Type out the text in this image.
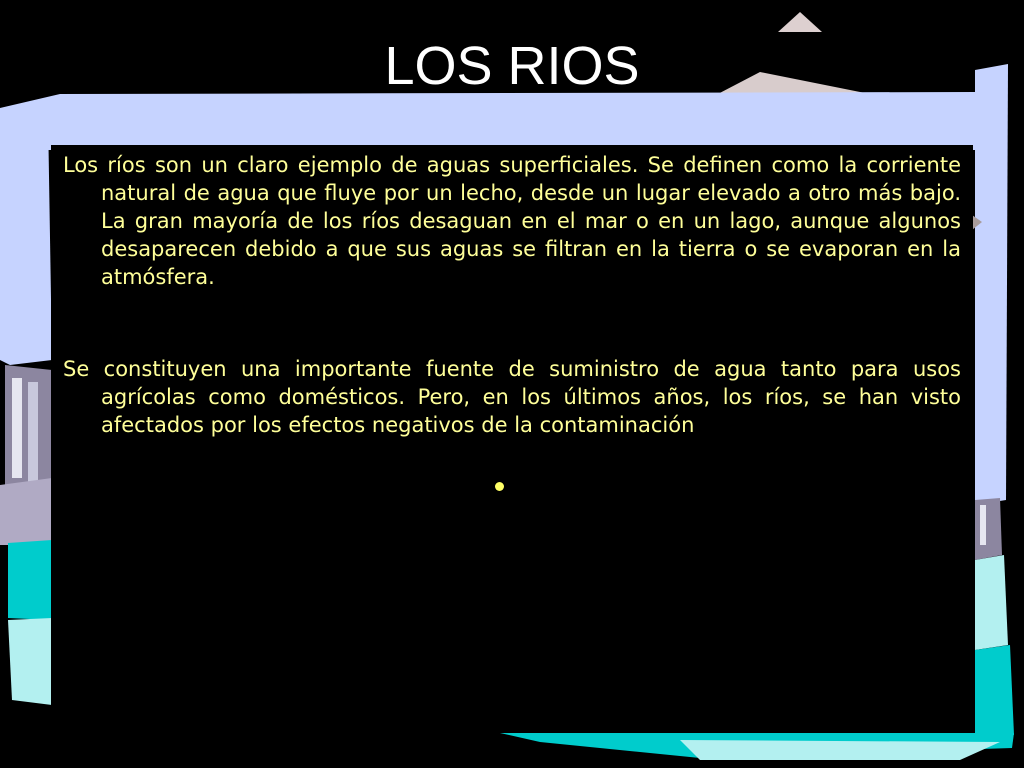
LOS RIOS

Los ríos son un claro ejemplo de aguas superficiales. Se definen como la corriente natural de agua que fluye por un lecho, desde un lugar elevado a otro más bajo. La gran mayoría de los ríos desaguan en el mar o en un lago, aunque algunos desaparecen debido a que sus aguas se filtran en la tierra o se evaporan en la atmósfera.

Se constituyen una importante fuente de suministro de agua tanto para usos agrícolas como domésticos. Pero, en los últimos años, los ríos, se han visto afectados por los efectos negativos de la contaminación
